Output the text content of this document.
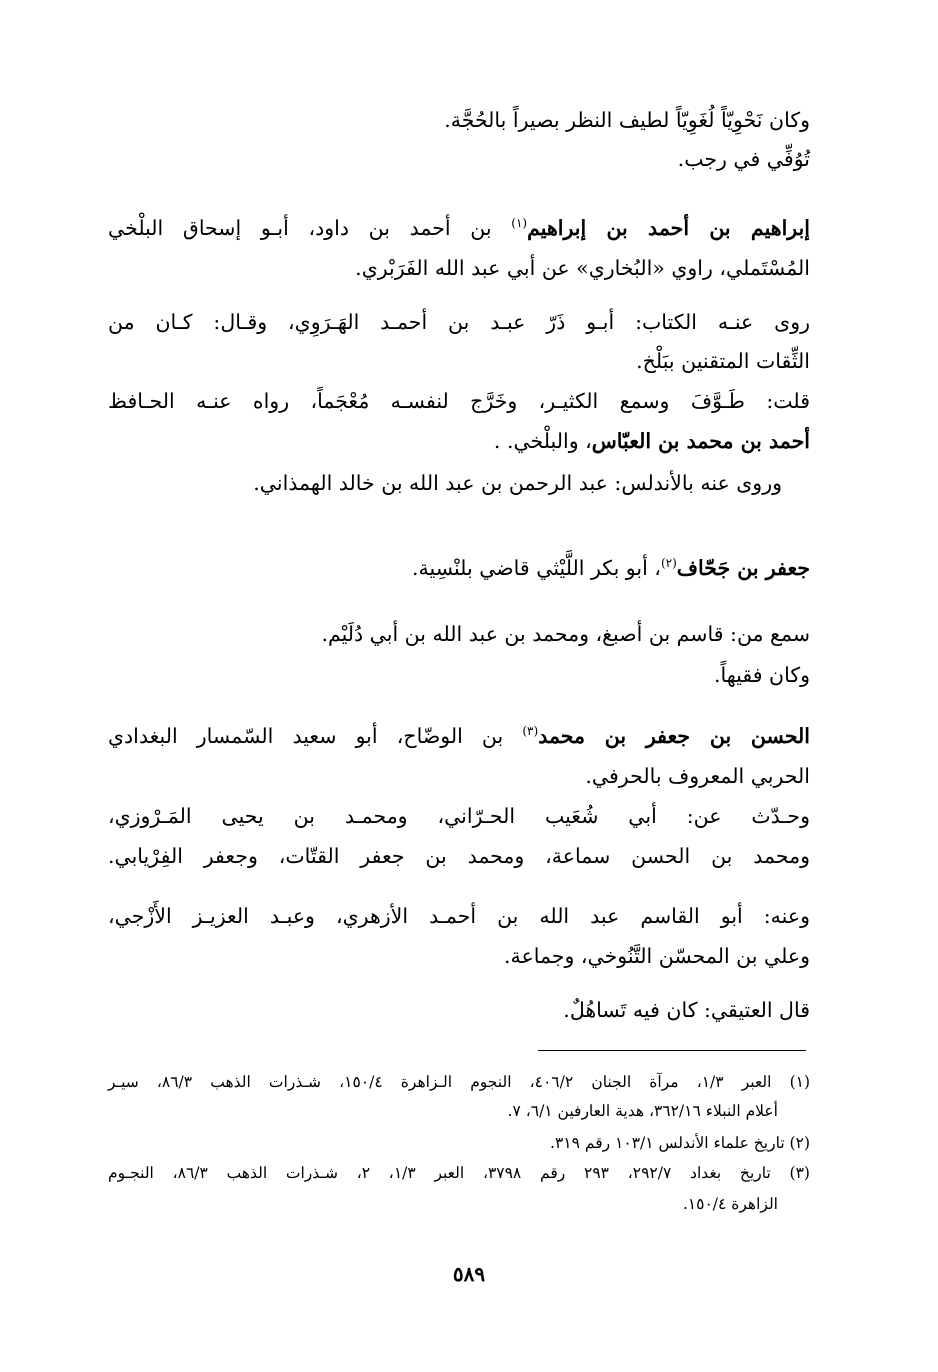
وكان نَحْوِيّاً لُغَوِيّاً لطيف النظر بصيراً بالحُجَّة.

تُوُفِّي في رجب.

إبراهيم بن أحمد بن إبراهيم$^{(١)}$ بن أحمد بن داود، أبـو إسحاق البلْخي

المُسْتَملي، راوي «البُخاري» عن أبي عبد الله الفَرَبْري.

روى عنـه الكتاب: أبـو ذَرّ عبـد بن أحمـد الهَـرَوِي، وقـال: كـان من

الثِّقات المتقنين ببَلْخ.

قلت: طَـوَّفَ وسمع الكثيـر، وخَرَّج لنفسـه مُعْجَماً، رواه عنـه الحـافظ

أحمد بن محمد بن العبّاس، والبلْخي. .

وروى عنه بالأندلس: عبد الرحمن بن عبد الله بن خالد الهمذاني.

جعفر بن جَحّاف$^{(٢)}$، أبو بكر اللَّيْثي قاضي بلنْسِية.

سمع من: قاسم بن أصبغ، ومحمد بن عبد الله بن أبي دُلَيْم.

وكان فقيهاً.

الحسن بن جعفر بن محمد$^{(٣)}$ بن الوضّاح، أبو سعيد السّمسار البغدادي

الحربي المعروف بالحرفي.

وحـدّث عن: أبي شُعَيب الحـرّاني، ومحمـد بن يحيى المَـرْوزي،

ومحمد بن الحسن سماعة، ومحمد بن جعفر القتّات، وجعفر الفِرْيابي.

وعنه: أبو القاسم عبد الله بن أحمـد الأزهري، وعبـد العزيـز الأَزْجي،

وعلي بن المحسّن التَّنُوخي، وجماعة.

قال العتيقي: كان فيه تَساهُلٌ.

(١) العبر ١/٣، مرآة الجنان ٤٠٦/٢، النجوم الـزاهرة ١٥٠/٤، شـذرات الذهب ٨٦/٣، سيـر

أعلام النبلاء ٣٦٢/١٦، هدية العارفين ٦/١، ٧.

(٢) تاريخ علماء الأندلس ١٠٣/١ رقم ٣١٩.

(٣) تاريخ بغداد ٢٩٢/٧، ٢٩٣ رقم ٣٧٩٨، العبر ١/٣، ٢، شـذرات الذهب ٨٦/٣، النجـوم

الزاهرة ١٥٠/٤.

٥٨٩
